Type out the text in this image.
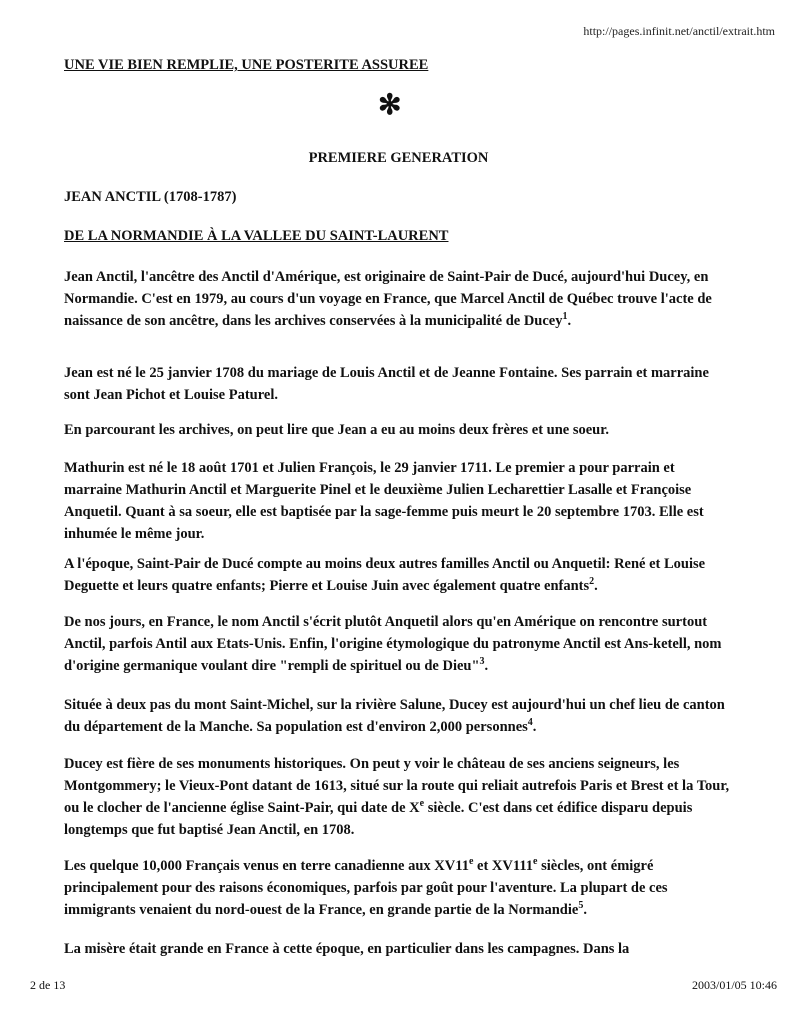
http://pages.infinit.net/anctil/extrait.htm
UNE VIE BIEN REMPLIE, UNE POSTERITE ASSUREE
✻
PREMIERE GENERATION
JEAN ANCTIL (1708-1787)
DE LA NORMANDIE À LA VALLEE DU SAINT-LAURENT

Jean Anctil, l'ancêtre des Anctil d'Amérique, est originaire de Saint-Pair de Ducé, aujourd'hui Ducey, en Normandie. C'est en 1979, au cours d'un voyage en France, que Marcel Anctil de Québec trouve l'acte de naissance de son ancêtre, dans les archives conservées à la municipalité de Ducey$^1$.

Jean est né le 25 janvier 1708 du mariage de Louis Anctil et de Jeanne Fontaine. Ses parrain et marraine sont Jean Pichot et Louise Paturel.

En parcourant les archives, on peut lire que Jean a eu au moins deux frères et une soeur.

Mathurin est né le 18 août 1701 et Julien François, le 29 janvier 1711. Le premier a pour parrain et marraine Mathurin Anctil et Marguerite Pinel et le deuxième Julien Lecharettier Lasalle et Françoise Anquetil. Quant à sa soeur, elle est baptisée par la sage-femme puis meurt le 20 septembre 1703. Elle est inhumée le même jour.

A l'époque, Saint-Pair de Ducé compte au moins deux autres familles Anctil ou Anquetil: René et Louise Deguette et leurs quatre enfants; Pierre et Louise Juin avec également quatre enfants$^2$.

De nos jours, en France, le nom Anctil s'écrit plutôt Anquetil alors qu'en Amérique on rencontre surtout Anctil, parfois Antil aux Etats-Unis. Enfin, l'origine étymologique du patronyme Anctil est Ans-ketell, nom d'origine germanique voulant dire "rempli de spirituel ou de Dieu"$^3$.

Située à deux pas du mont Saint-Michel, sur la rivière Salune, Ducey est aujourd'hui un chef lieu de canton du département de la Manche. Sa population est d'environ 2,000 personnes$^4$.

Ducey est fière de ses monuments historiques. On peut y voir le château de ses anciens seigneurs, les Montgommery; le Vieux-Pont datant de 1613, situé sur la route qui reliait autrefois Paris et Brest et la Tour, ou le clocher de l'ancienne église Saint-Pair, qui date de Xe siècle. C'est dans cet édifice disparu depuis longtemps que fut baptisé Jean Anctil, en 1708.

Les quelque 10,000 Français venus en terre canadienne aux XV11e et XV111e siècles, ont émigré principalement pour des raisons économiques, parfois par goût pour l'aventure. La plupart de ces immigrants venaient du nord-ouest de la France, en grande partie de la Normandie$^5$.

La misère était grande en France à cette époque, en particulier dans les campagnes. Dans la

2 de 13	2003/01/05 10:46
